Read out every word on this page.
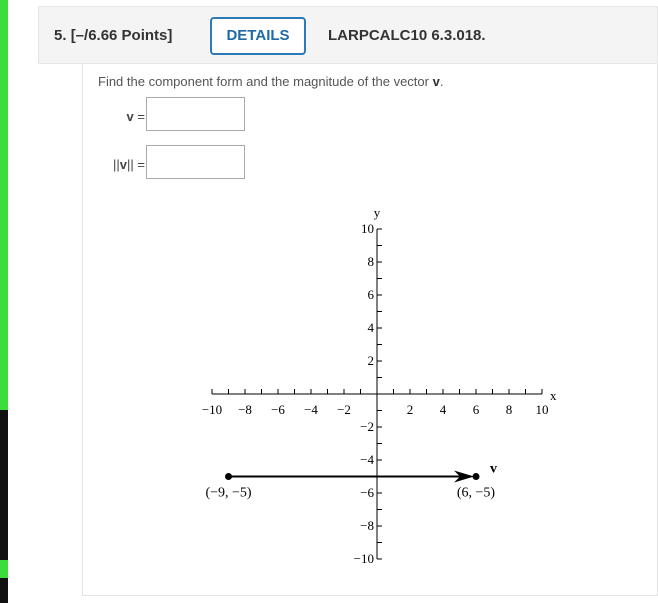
5. [–/6.66 Points]	DETAILS	LARPCALC10 6.3.018.
Find the component form and the magnitude of the vector v.
v =
||v|| =
x
y
−10 −8 −6 −4 −2	2 4 6 8 10
10
8
6
4
2
−2
−4
−6
−8
−10
v
(−9, −5)	(6, −5)
